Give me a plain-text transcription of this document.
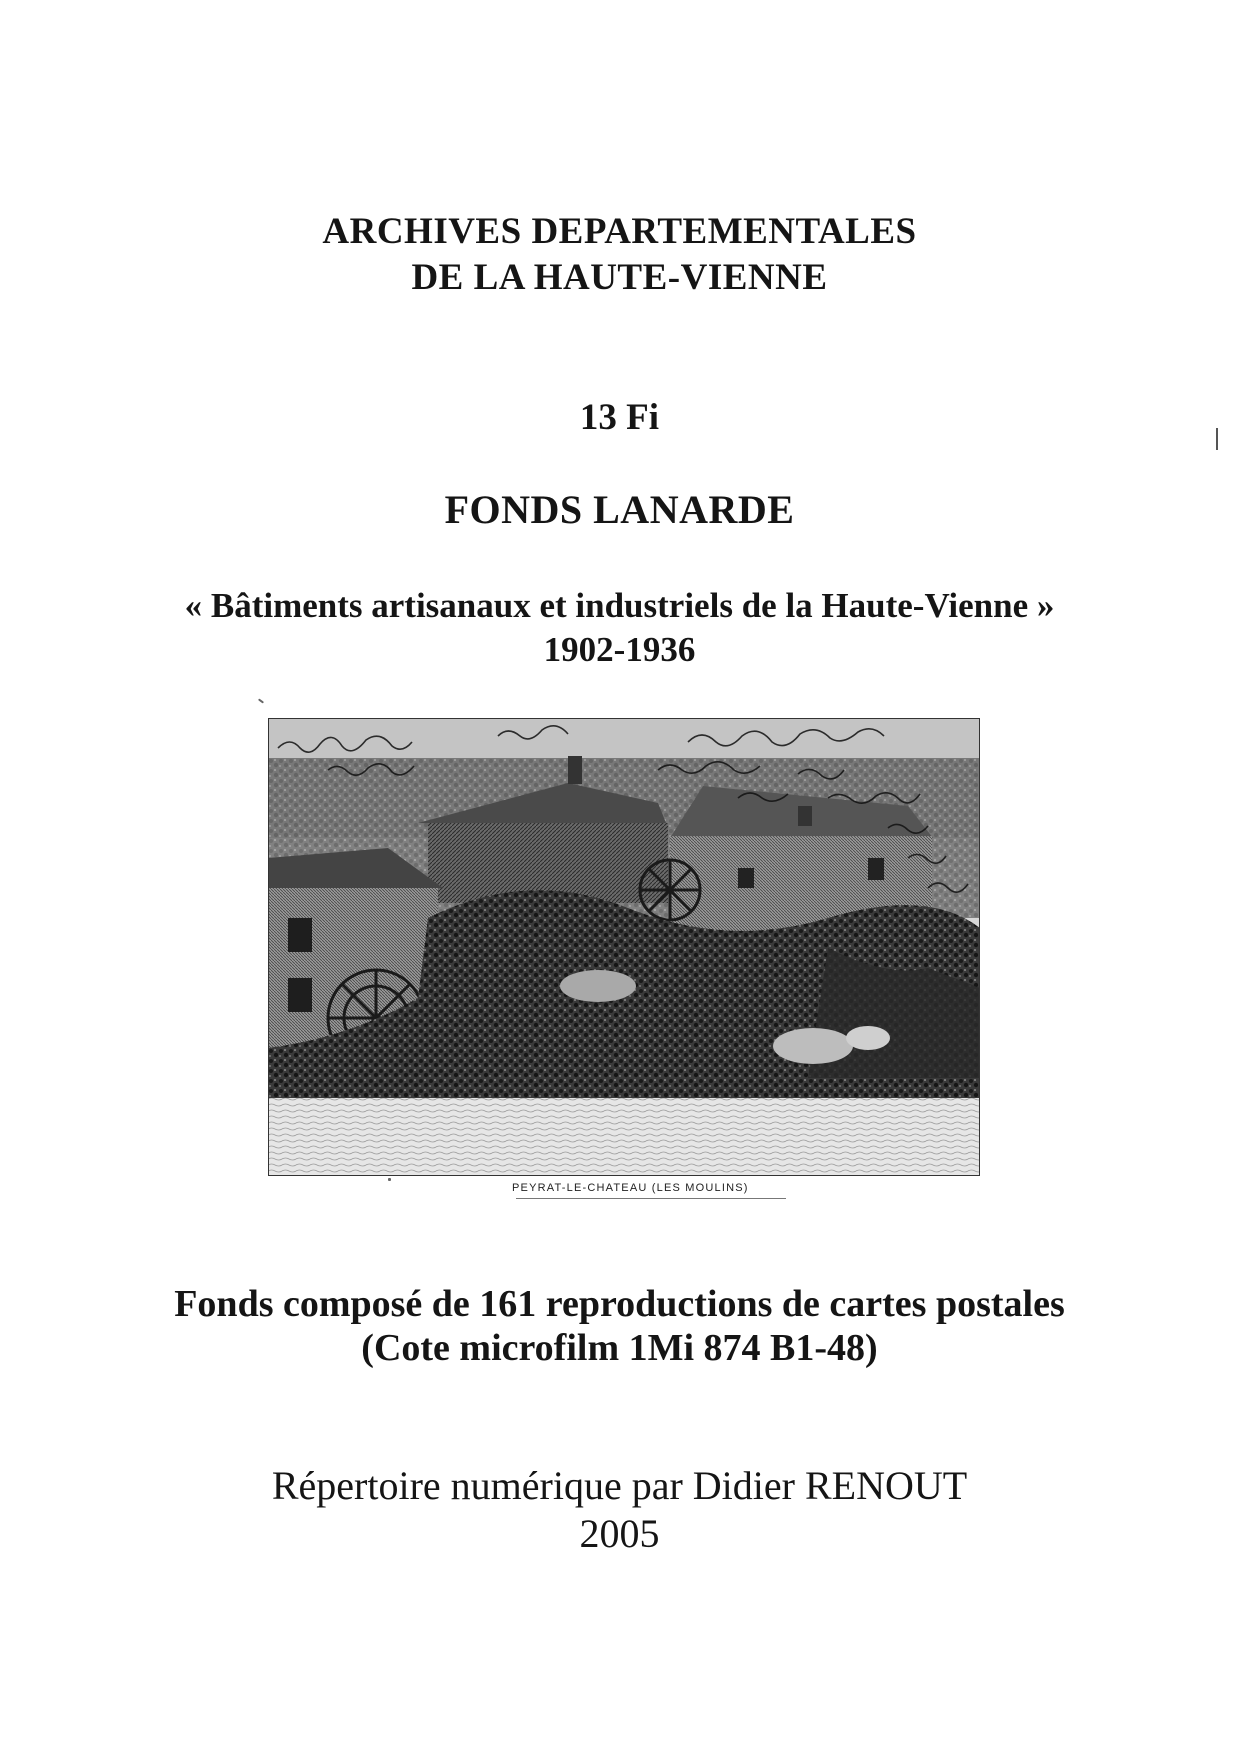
ARCHIVES DEPARTEMENTALES
DE LA HAUTE-VIENNE
13 Fi
FONDS LANARDE
« Bâtiments artisanaux et industriels de la Haute-Vienne »
1902-1936
PEYRAT-LE-CHATEAU (LES MOULINS)
Fonds composé de 161 reproductions de cartes postales
(Cote microfilm 1Mi 874 B1-48)
Répertoire numérique par Didier RENOUT
2005
